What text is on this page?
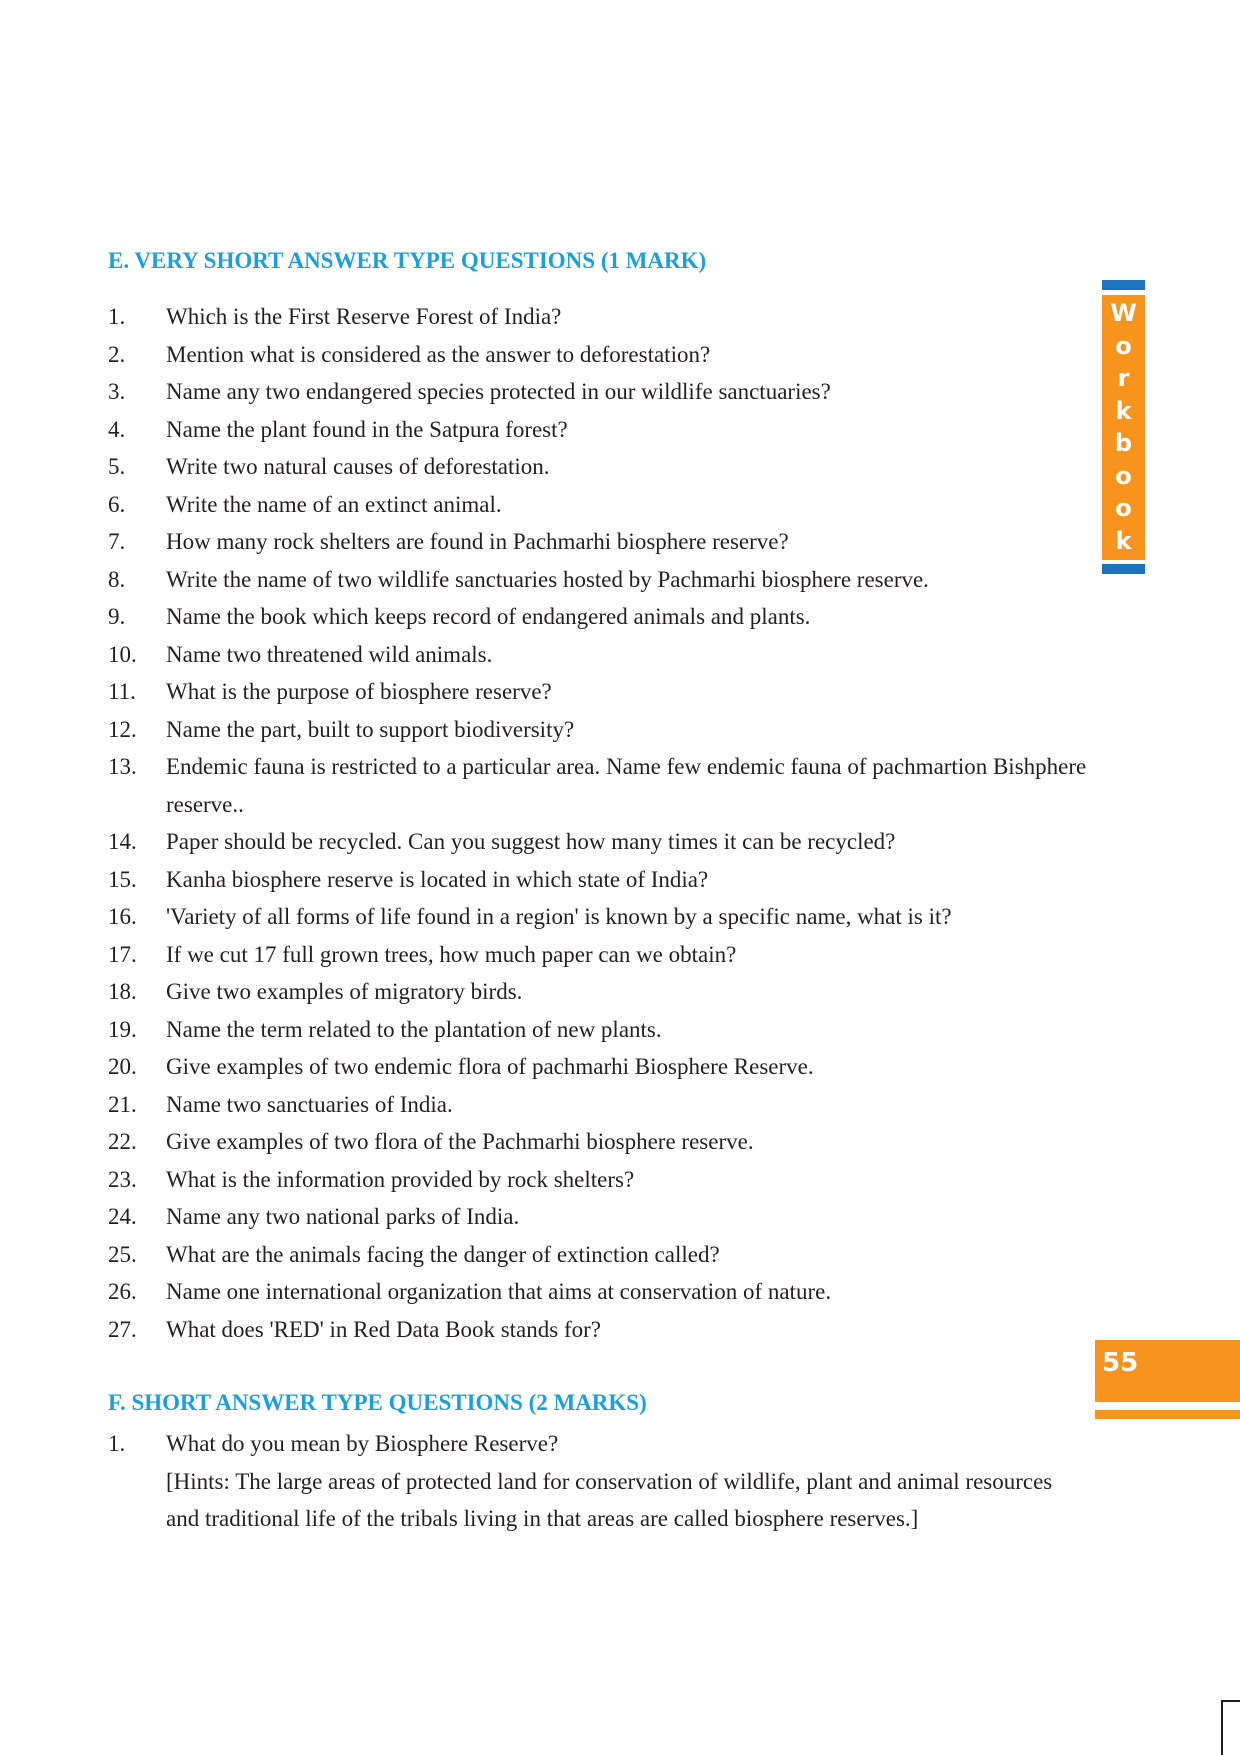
E. VERY SHORT ANSWER TYPE QUESTIONS (1 MARK)
1. Which is the First Reserve Forest of India?
2. Mention what is considered as the answer to deforestation?
3. Name any two endangered species protected in our wildlife sanctuaries?
4. Name the plant found in the Satpura forest?
5. Write two natural causes of deforestation.
6. Write the name of an extinct animal.
7. How many rock shelters are found in Pachmarhi biosphere reserve?
8. Write the name of two wildlife sanctuaries hosted by Pachmarhi biosphere reserve.
9. Name the book which keeps record of endangered animals and plants.
10. Name two threatened wild animals.
11. What is the purpose of biosphere reserve?
12. Name the part, built to support biodiversity?
13. Endemic fauna is restricted to a particular area. Name few endemic fauna of pachmartion Bishphere reserve..
14. Paper should be recycled. Can you suggest how many times it can be recycled?
15. Kanha biosphere reserve is located in which state of India?
16. 'Variety of all forms of life found in a region' is known by a specific name, what is it?
17. If we cut 17 full grown trees, how much paper can we obtain?
18. Give two examples of migratory birds.
19. Name the term related to the plantation of new plants.
20. Give examples of two endemic flora of pachmarhi Biosphere Reserve.
21. Name two sanctuaries of India.
22. Give examples of two flora of the Pachmarhi biosphere reserve.
23. What is the information provided by rock shelters?
24. Name any two national parks of India.
25. What are the animals facing the danger of extinction called?
26. Name one international organization that aims at conservation of nature.
27. What does 'RED' in Red Data Book stands for?
F. SHORT ANSWER TYPE QUESTIONS (2 MARKS)
1. What do you mean by Biosphere Reserve?
[Hints: The large areas of protected land for conservation of wildlife, plant and animal resources and traditional life of the tribals living in that areas are called biosphere reserves.]
W
o
r
k
b
o
o
k
55
